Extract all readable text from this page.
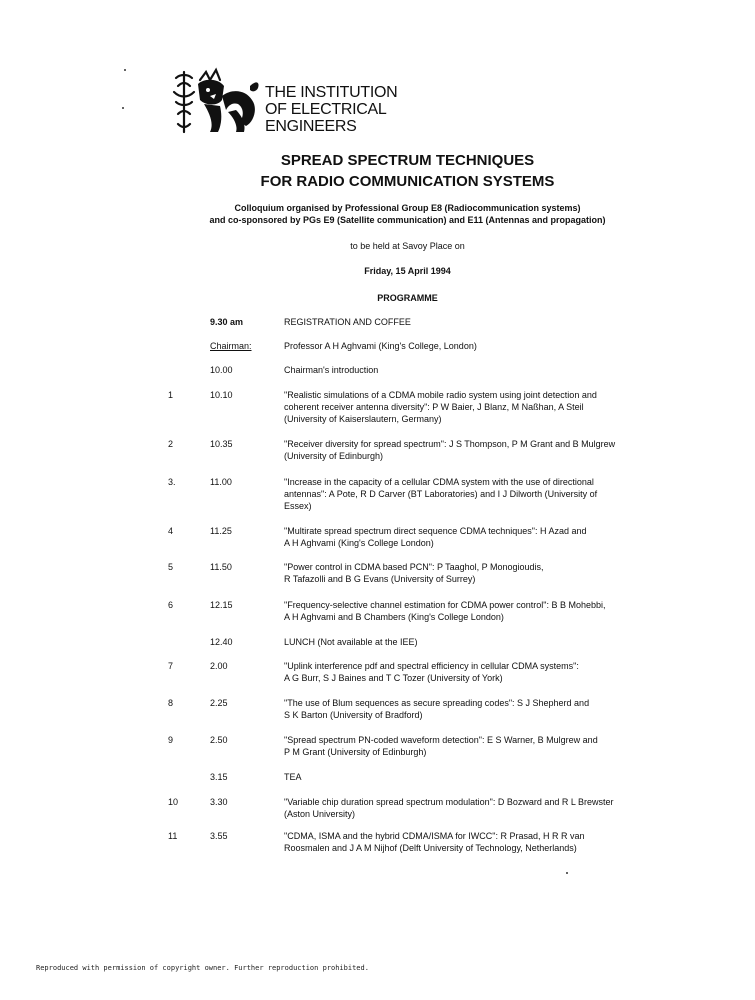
THE INSTITUTION
OF ELECTRICAL
ENGINEERS
SPREAD SPECTRUM TECHNIQUES
FOR RADIO COMMUNICATION SYSTEMS
Colloquium organised by Professional Group E8 (Radiocommunication systems)
and co-sponsored by PGs E9 (Satellite communication) and E11 (Antennas and propagation)
to be held at Savoy Place on
Friday, 15 April 1994
PROGRAMME
9.30 am	REGISTRATION AND COFFEE
Chairman:	Professor A H Aghvami (King's College, London)
10.00	Chairman's introduction
1	10.10	"Realistic simulations of a CDMA mobile radio system using joint detection and
coherent receiver antenna diversity": P W Baier, J Blanz, M Naßhan, A Steil
(University of Kaiserslautern, Germany)
2	10.35	"Receiver diversity for spread spectrum": J S Thompson, P M Grant and B Mulgrew
(University of Edinburgh)
3.	11.00	"Increase in the capacity of a cellular CDMA system with the use of directional
antennas": A Pote, R D Carver (BT Laboratories) and I J Dilworth (University of
Essex)
4	11.25	"Multirate spread spectrum direct sequence CDMA techniques": H Azad and
A H Aghvami (King's College London)
5	11.50	"Power control in CDMA based PCN": P Taaghol, P Monogioudis,
R Tafazolli and B G Evans (University of Surrey)
6	12.15	"Frequency-selective channel estimation for CDMA power control": B B Mohebbi,
A H Aghvami and B Chambers (King's College London)
12.40	LUNCH (Not available at the IEE)
7	2.00	"Uplink interference pdf and spectral efficiency in cellular CDMA systems":
A G Burr, S J Baines and T C Tozer (University of York)
8	2.25	"The use of Blum sequences as secure spreading codes": S J Shepherd and
S K Barton (University of Bradford)
9	2.50	"Spread spectrum PN-coded waveform detection": E S Warner, B Mulgrew and
P M Grant (University of Edinburgh)
3.15	TEA
10	3.30	"Variable chip duration spread spectrum modulation": D Bozward and R L Brewster
(Aston University)
11	3.55	"CDMA, ISMA and the hybrid CDMA/ISMA for IWCC": R Prasad, H R R van
Roosmalen and J A M Nijhof (Delft University of Technology, Netherlands)
Reproduced with permission of copyright owner. Further reproduction prohibited.
